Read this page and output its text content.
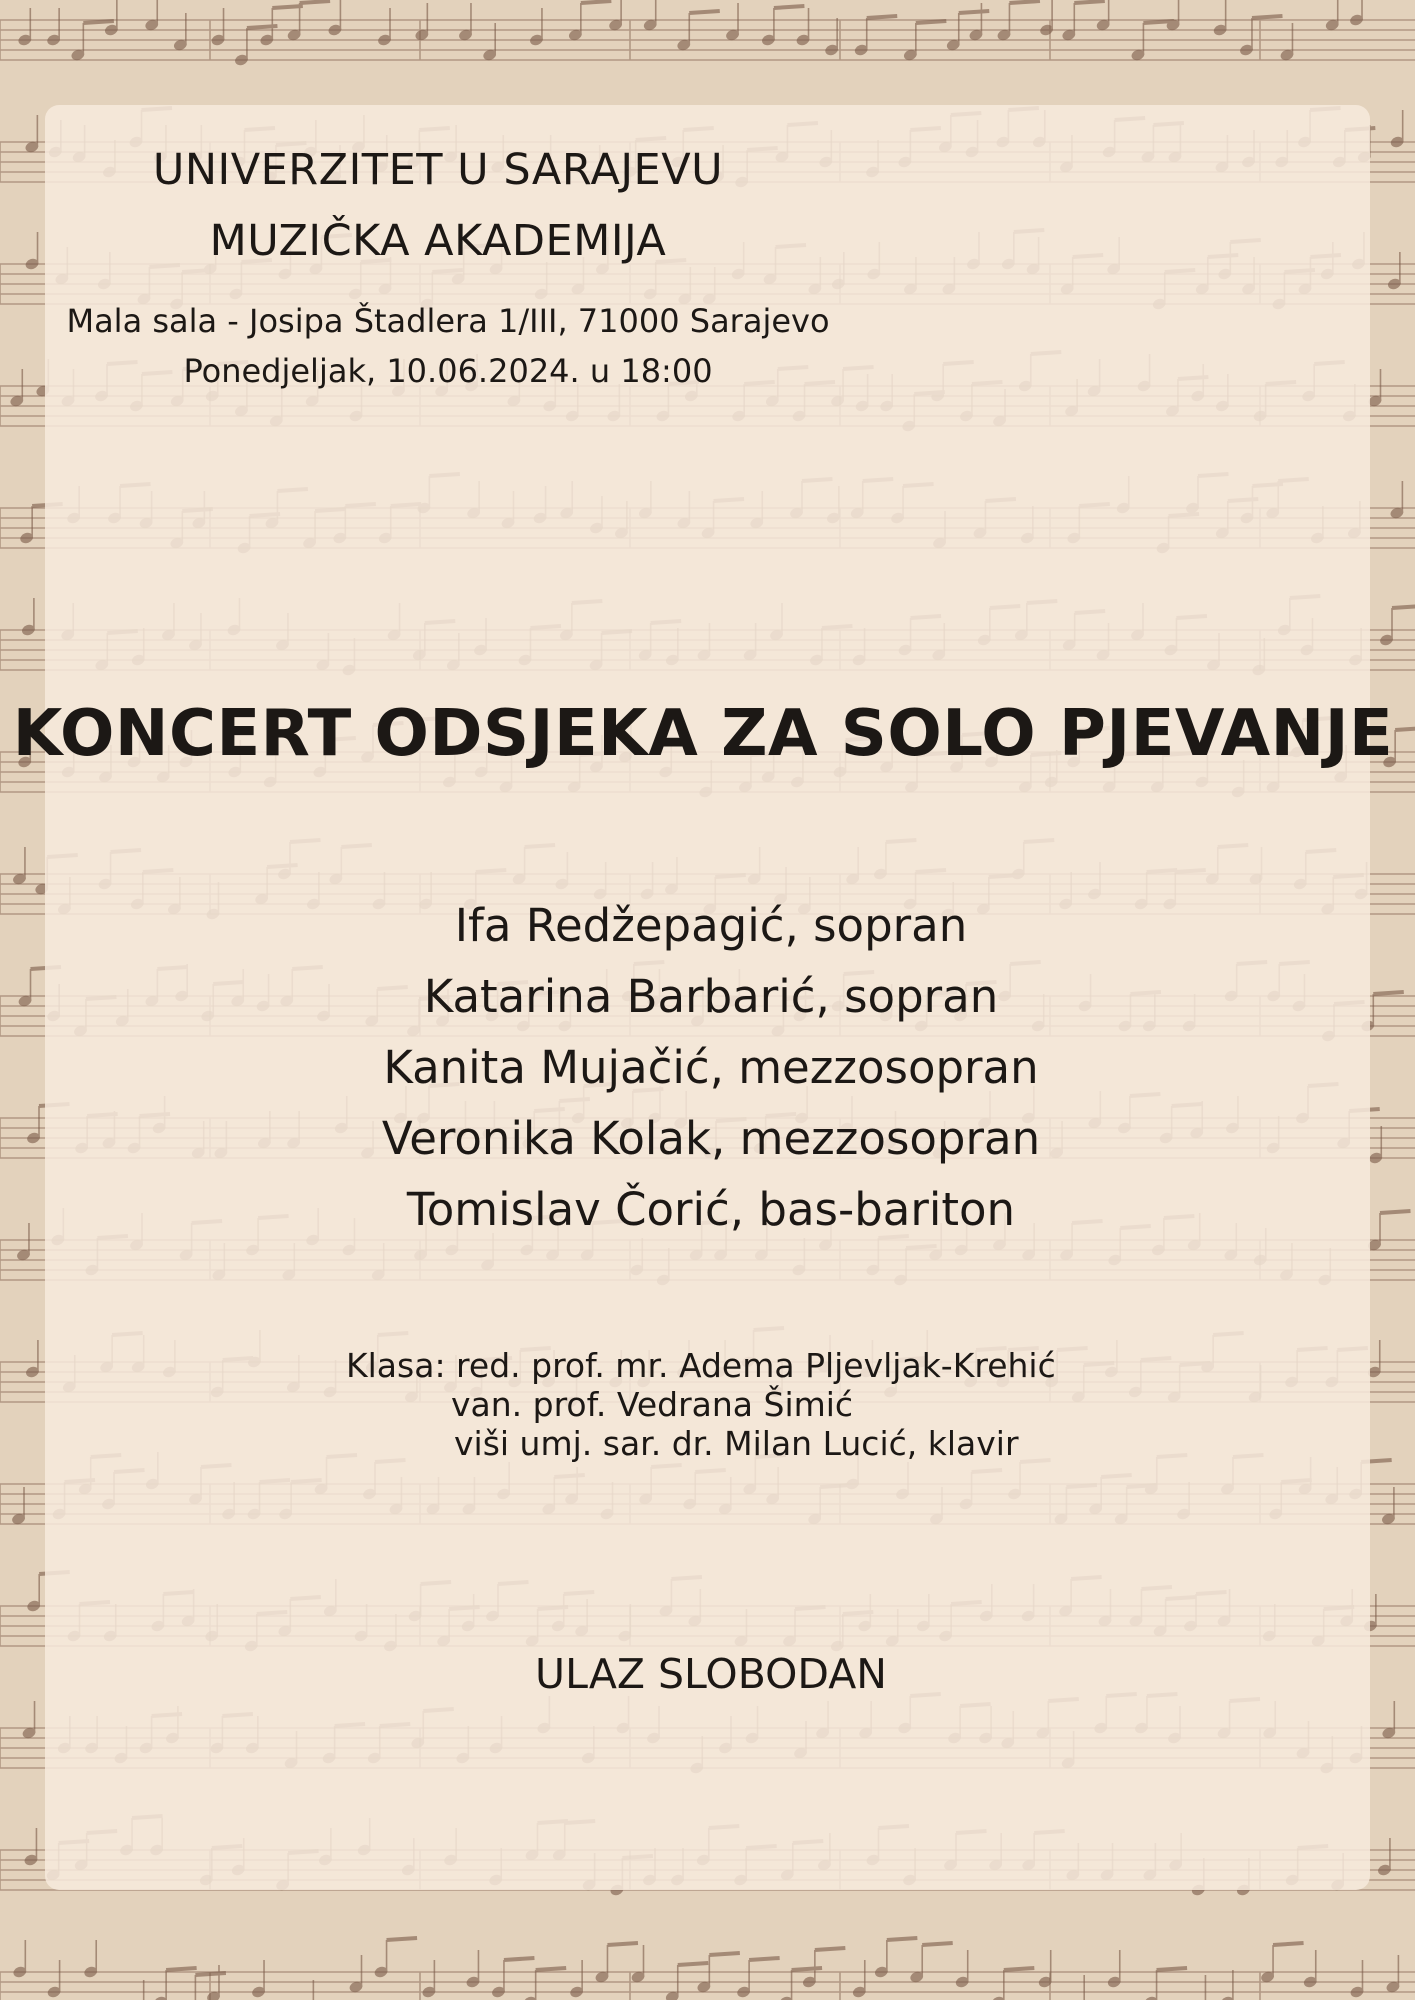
UNIVERZITET U SARAJEVU
MUZIČKA AKADEMIJA
Mala sala - Josipa Štadlera 1/III, 71000 Sarajevo
Ponedjeljak, 10.06.2024. u 18:00
KONCERT ODSJEKA ZA SOLO PJEVANJE
Ifa Redžepagić, sopran
Katarina Barbarić, sopran
Kanita Mujačić, mezzosopran
Veronika Kolak, mezzosopran
Tomislav Čorić, bas-bariton
Klasa: red. prof. mr. Adema Pljevljak-Krehić
van. prof. Vedrana Šimić
viši umj. sar. dr. Milan Lucić, klavir
ULAZ SLOBODAN
